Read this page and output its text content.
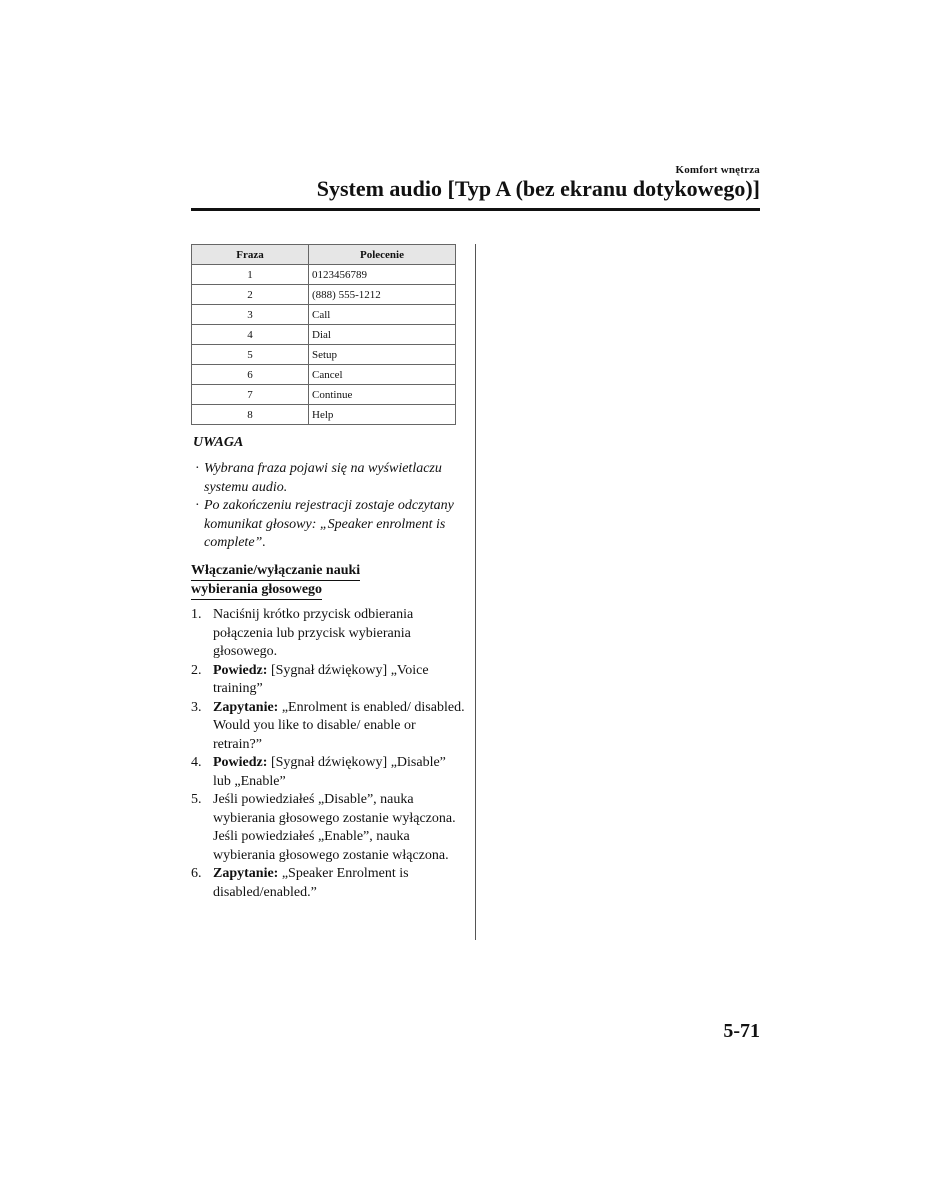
Komfort wnętrza
System audio [Typ A (bez ekranu dotykowego)]
Fraza	Polecenie
1	0123456789
2	(888) 555-1212
3	Call
4	Dial
5	Setup
6	Cancel
7	Continue
8	Help
UWAGA
· Wybrana fraza pojawi się na wyświetlaczu systemu audio.
· Po zakończeniu rejestracji zostaje odczytany komunikat głosowy: „Speaker enrolment is complete”.
Włączanie/wyłączanie nauki
wybierania głosowego
1. Naciśnij krótko przycisk odbierania połączenia lub przycisk wybierania głosowego.
2. Powiedz: [Sygnał dźwiękowy] „Voice training”
3. Zapytanie: „Enrolment is enabled/ disabled. Would you like to disable/ enable or retrain?”
4. Powiedz: [Sygnał dźwiękowy] „Disable” lub „Enable”
5. Jeśli powiedziałeś „Disable”, nauka wybierania głosowego zostanie wyłączona.
Jeśli powiedziałeś „Enable”, nauka wybierania głosowego zostanie włączona.
6. Zapytanie: „Speaker Enrolment is disabled/enabled.”
5-71
